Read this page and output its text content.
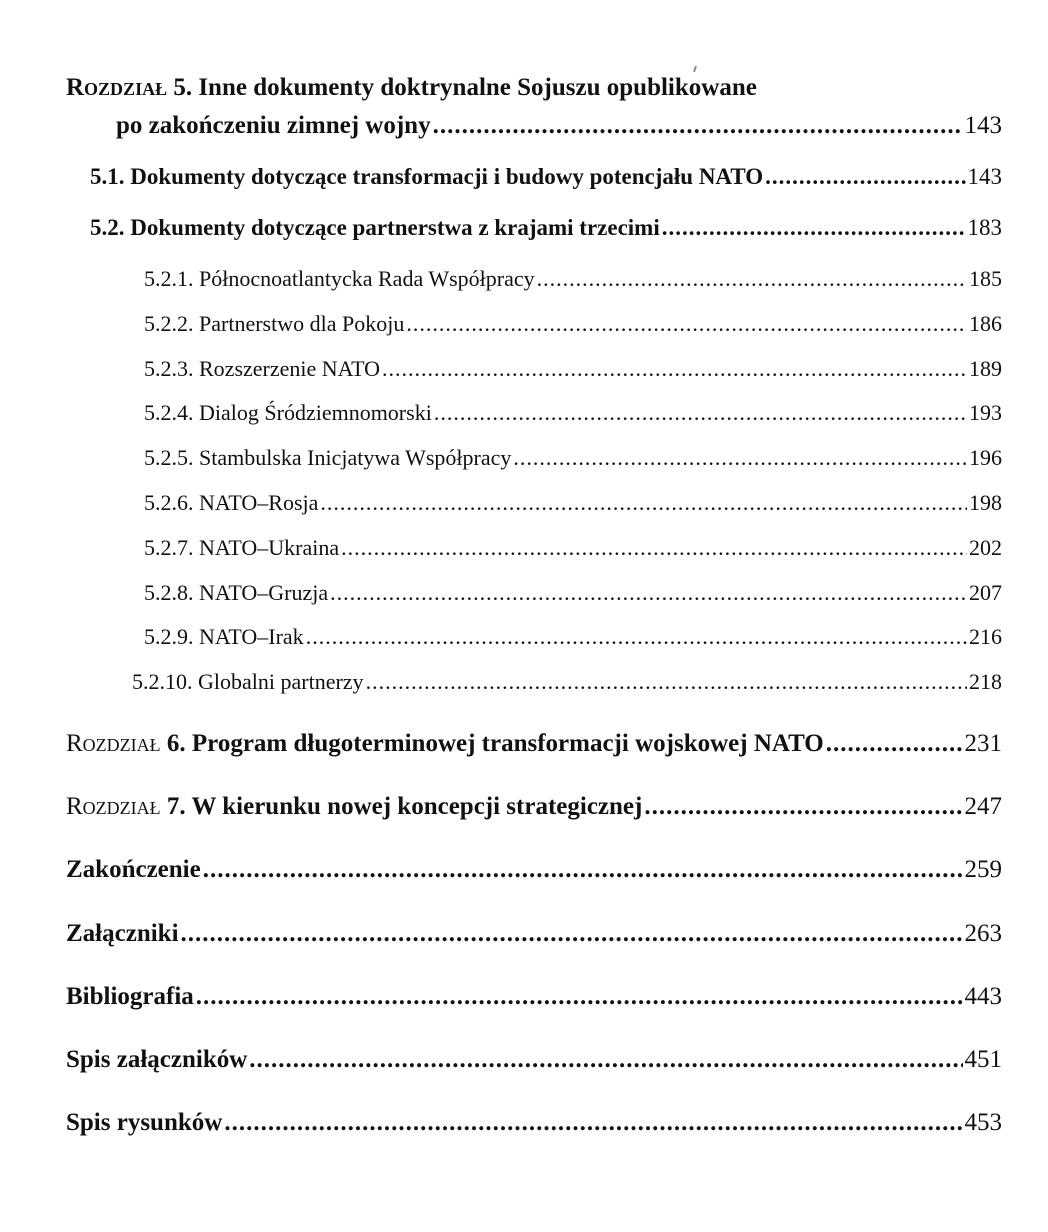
Rozdział 5. Inne dokumenty doktrynalne Sojuszu opublikowane
po zakończeniu zimnej wojny .....	143
5.1. Dokumenty dotyczące transformacji i budowy potencjału NATO .....	143
5.2. Dokumenty dotyczące partnerstwa z krajami trzecimi .....	183
5.2.1. Północnoatlantycka Rada Współpracy .....	185
5.2.2. Partnerstwo dla Pokoju .....	186
5.2.3. Rozszerzenie NATO .....	189
5.2.4. Dialog Śródziemnomorski .....	193
5.2.5. Stambulska Inicjatywa Współpracy .....	196
5.2.6. NATO–Rosja .....	198
5.2.7. NATO–Ukraina .....	202
5.2.8. NATO–Gruzja .....	207
5.2.9. NATO–Irak .....	216
5.2.10. Globalni partnerzy .....	218
Rozdział 6. Program długoterminowej transformacji wojskowej NATO .....	231
Rozdział 7. W kierunku nowej koncepcji strategicznej .....	247
Zakończenie .....	259
Załączniki .....	263
Bibliografia .....	443
Spis załączników .....	451
Spis rysunków .....	453
